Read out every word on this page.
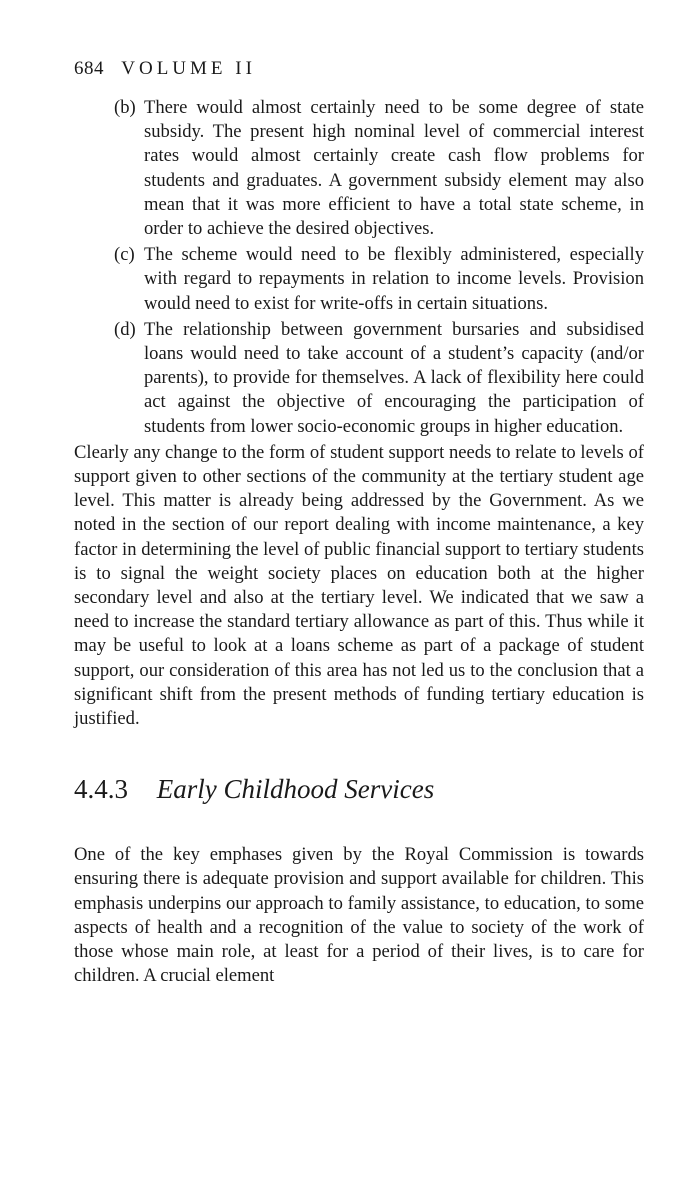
684 VOLUME II
(b) There would almost certainly need to be some degree of state subsidy. The present high nominal level of commercial interest rates would almost certainly create cash flow problems for students and graduates. A government subsidy element may also mean that it was more efficient to have a total state scheme, in order to achieve the desired objectives.
(c) The scheme would need to be flexibly administered, especially with regard to repayments in relation to income levels. Provision would need to exist for write-offs in certain situations.
(d) The relationship between government bursaries and subsidised loans would need to take account of a student’s capacity (and/or parents), to provide for themselves. A lack of flexibility here could act against the objective of encouraging the participation of students from lower socio-economic groups in higher education.

Clearly any change to the form of student support needs to relate to levels of support given to other sections of the community at the tertiary student age level. This matter is already being addressed by the Government. As we noted in the section of our report dealing with income maintenance, a key factor in determining the level of public financial support to tertiary students is to signal the weight society places on education both at the higher secondary level and also at the tertiary level. We indicated that we saw a need to increase the standard tertiary allowance as part of this. Thus while it may be useful to look at a loans scheme as part of a package of student support, our consideration of this area has not led us to the conclusion that a significant shift from the present methods of funding tertiary education is justified.

4.4.3 Early Childhood Services

One of the key emphases given by the Royal Commission is towards ensuring there is adequate provision and support available for children. This emphasis underpins our approach to family assistance, to education, to some aspects of health and a recognition of the value to society of the work of those whose main role, at least for a period of their lives, is to care for children. A crucial element
